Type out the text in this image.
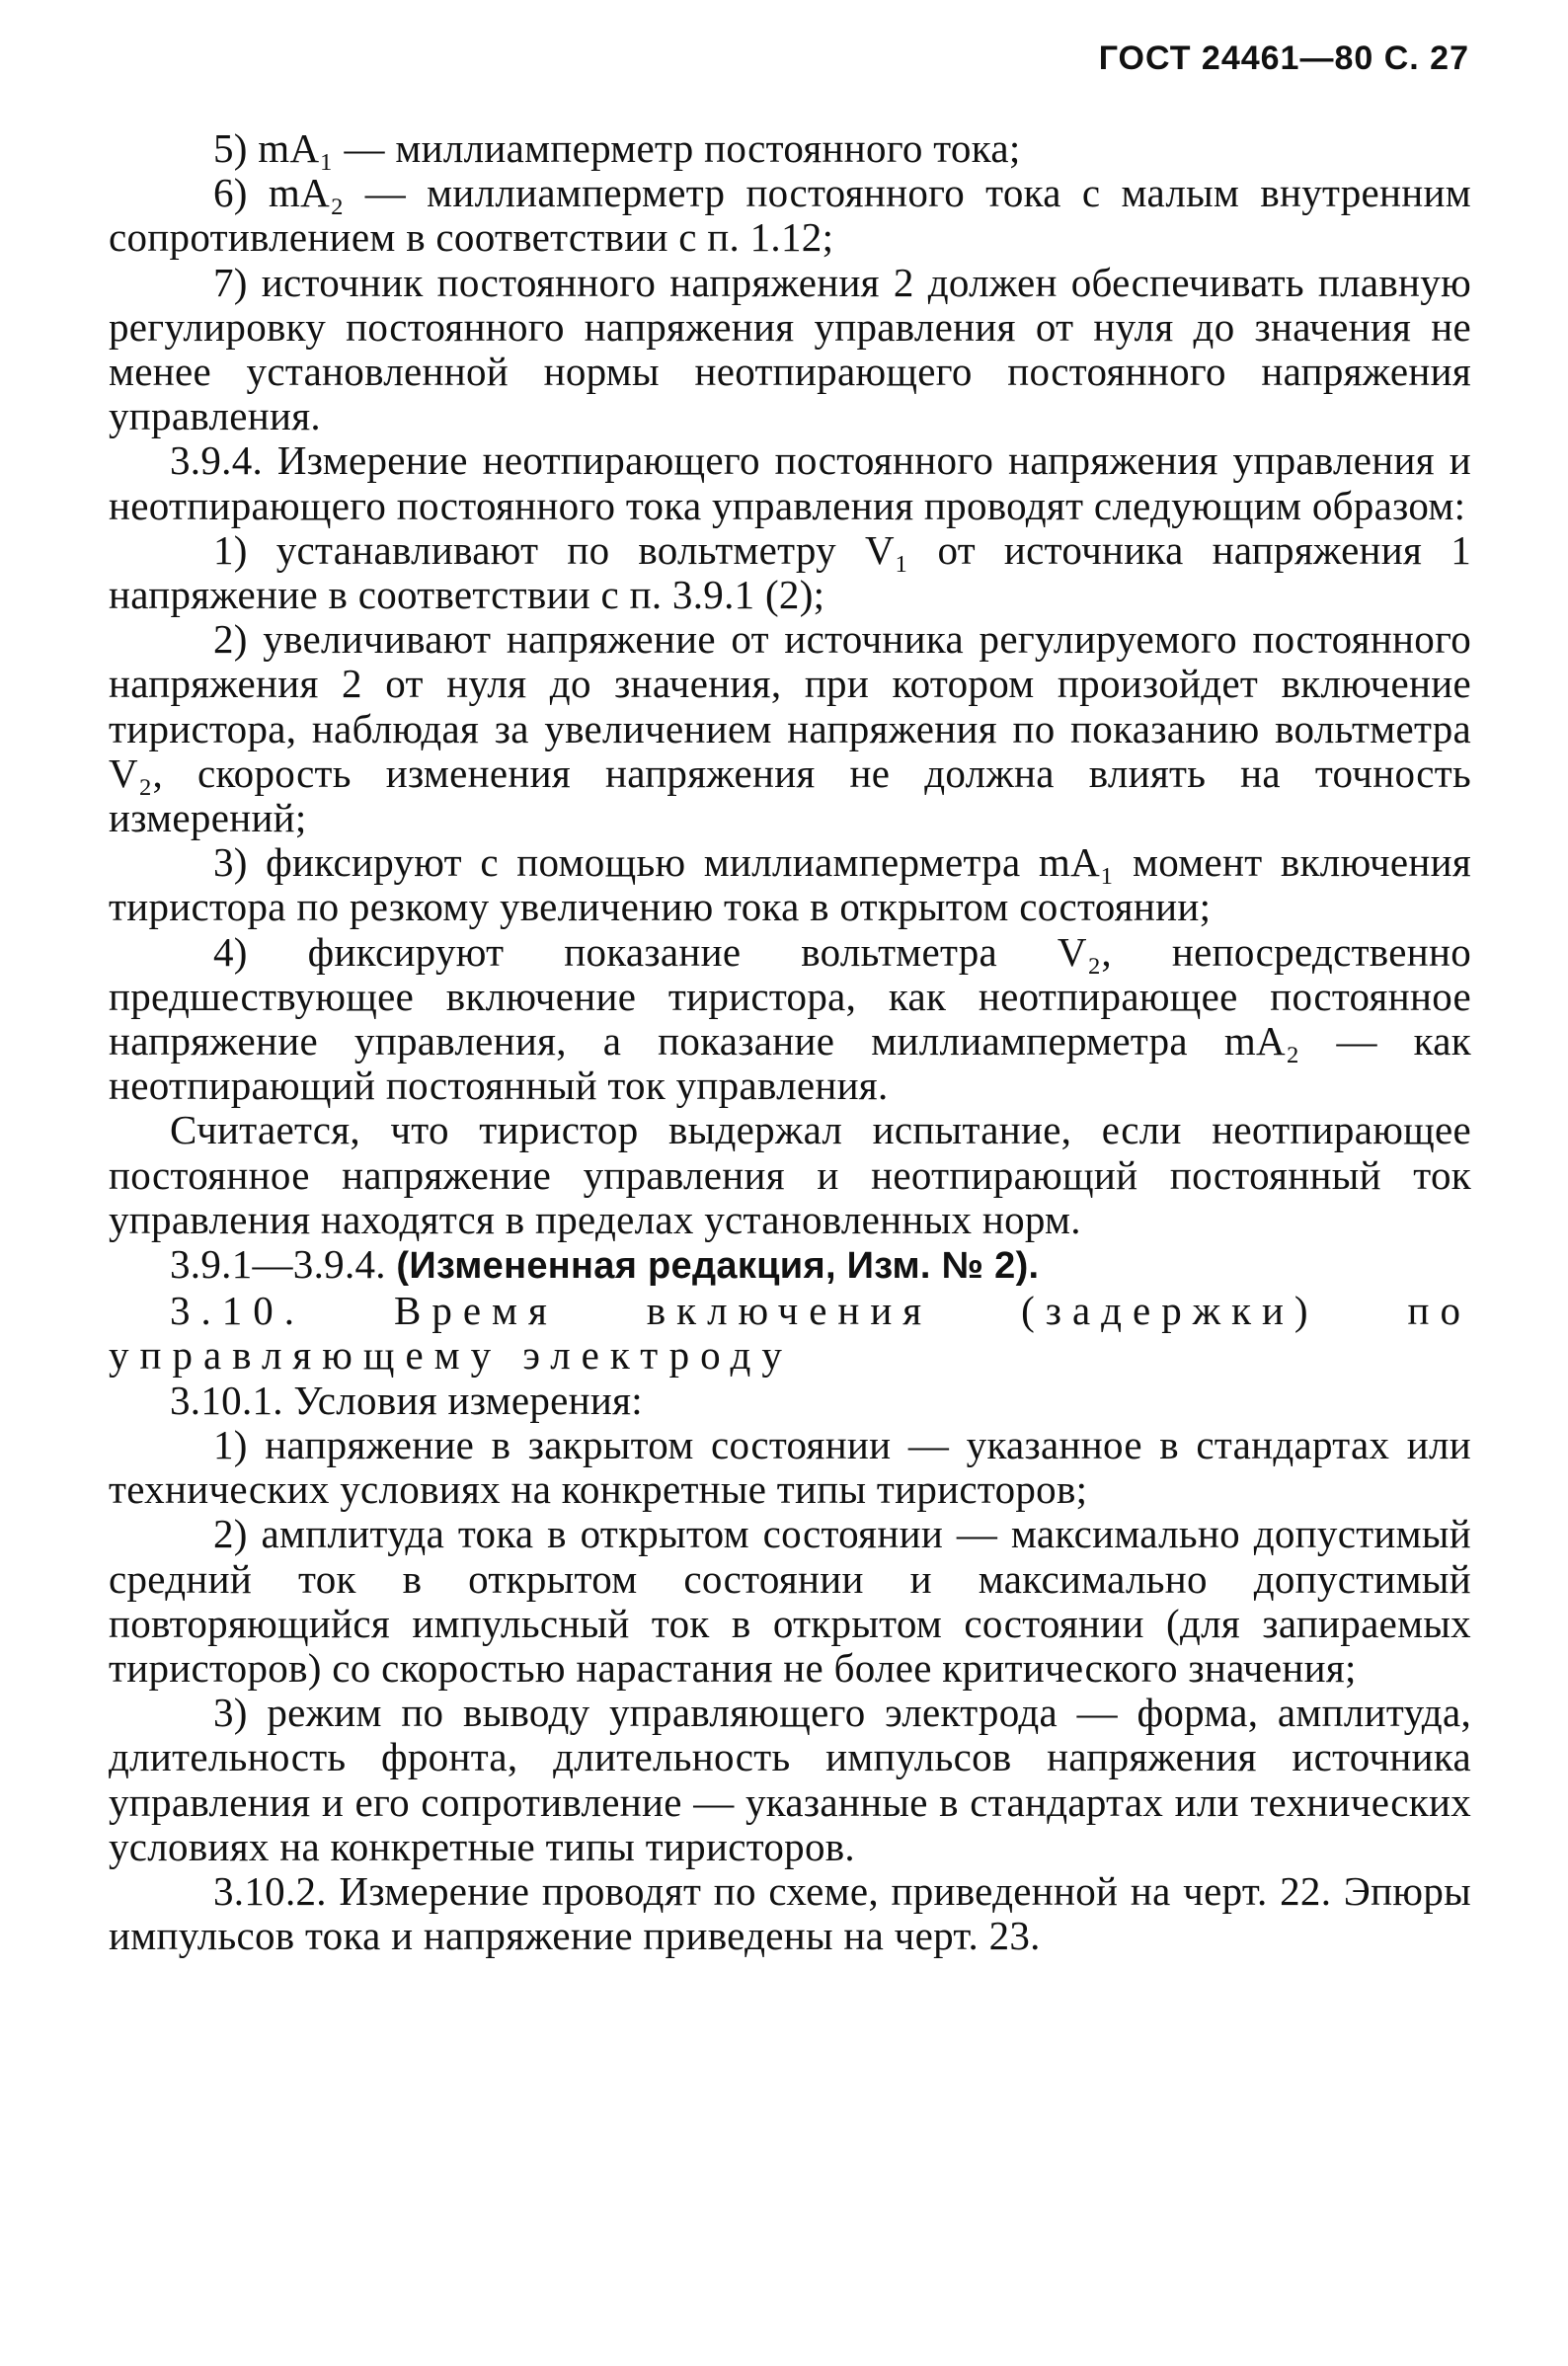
ГОСТ 24461—80 С. 27

5) mA₁ — миллиамперметр постоянного тока;

6) mA₂ — миллиамперметр постоянного тока с малым внутренним сопротивлением в соответствии с п. 1.12;

7) источник постоянного напряжения 2 должен обеспечивать плавную регулировку постоянного напряжения управления от нуля до значения не менее установленной нормы неотпирающего постоянного напряжения управления.

3.9.4. Измерение неотпирающего постоянного напряжения управления и неотпирающего постоянного тока управления проводят следующим образом:

1) устанавливают по вольтметру V₁ от источника напряжения 1 напряжение в соответствии с п. 3.9.1 (2);

2) увеличивают напряжение от источника регулируемого постоянного напряжения 2 от нуля до значения, при котором произойдет включение тиристора, наблюдая за увеличением напряжения по показанию вольтметра V₂, скорость изменения напряжения не должна влиять на точность измерений;

3) фиксируют с помощью миллиамперметра mA₁ момент включения тиристора по резкому увеличению тока в открытом состоянии;

4) фиксируют показание вольтметра V₂, непосредственно предшествующее включение тиристора, как неотпирающее постоянное напряжение управления, а показание миллиамперметра mA₂ — как неотпирающий постоянный ток управления.

Считается, что тиристор выдержал испытание, если неотпирающее постоянное напряжение управления и неотпирающий постоянный ток управления находятся в пределах установленных норм.

3.9.1—3.9.4. (Измененная редакция, Изм. № 2).

3.10. Время включения (задержки) по управляющему электроду

3.10.1. Условия измерения:

1) напряжение в закрытом состоянии — указанное в стандартах или технических условиях на конкретные типы тиристоров;

2) амплитуда тока в открытом состоянии — максимально допустимый средний ток в открытом состоянии и максимально допустимый повторяющийся импульсный ток в открытом состоянии (для запираемых тиристоров) со скоростью нарастания не более критического значения;

3) режим по выводу управляющего электрода — форма, амплитуда, длительность фронта, длительность импульсов напряжения источника управления и его сопротивление — указанные в стандартах или технических условиях на конкретные типы тиристоров.

3.10.2. Измерение проводят по схеме, приведенной на черт. 22. Эпюры импульсов тока и напряжение приведены на черт. 23.
